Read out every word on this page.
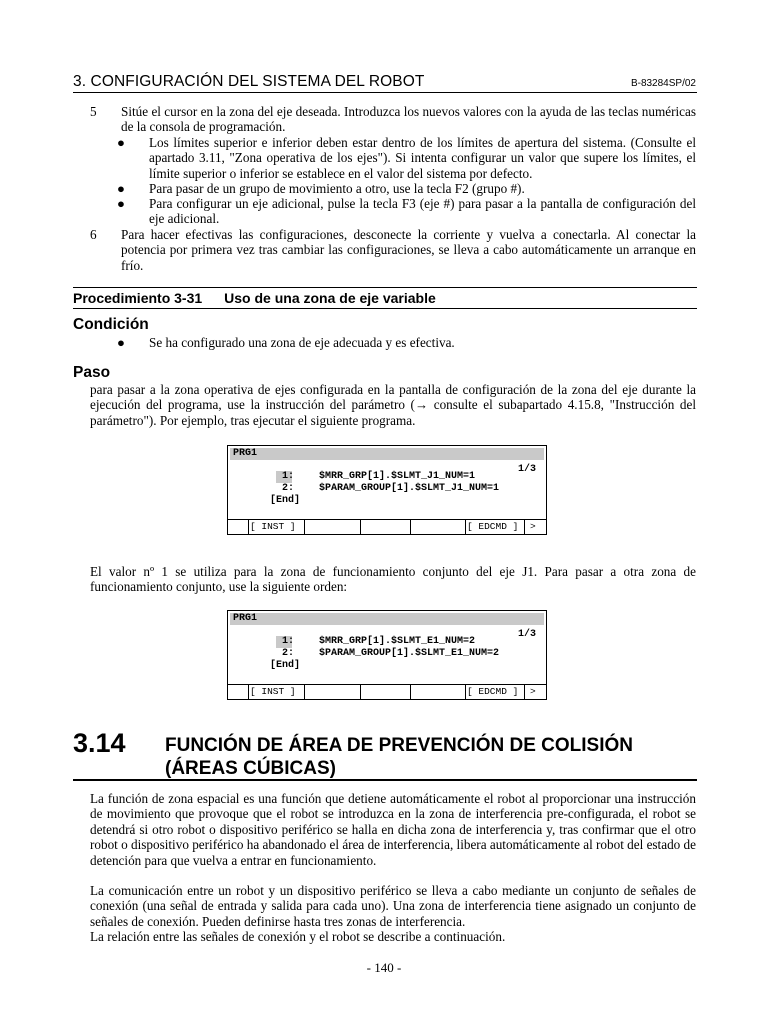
3. CONFIGURACIÓN DEL SISTEMA DEL ROBOT	B-83284SP/02
5 Sitúe el cursor en la zona del eje deseada. Introduzca los nuevos valores con la ayuda de las teclas numéricas de la consola de programación.
● Los límites superior e inferior deben estar dentro de los límites de apertura del sistema. (Consulte el apartado 3.11, "Zona operativa de los ejes"). Si intenta configurar un valor que supere los límites, el límite superior o inferior se establece en el valor del sistema por defecto.
● Para pasar de un grupo de movimiento a otro, use la tecla F2 (grupo #).
● Para configurar un eje adicional, pulse la tecla F3 (eje #) para pasar a la pantalla de configuración del eje adicional.
6 Para hacer efectivas las configuraciones, desconecte la corriente y vuelva a conectarla. Al conectar la potencia por primera vez tras cambiar las configuraciones, se lleva a cabo automáticamente un arranque en frío.
Procedimiento 3-31 Uso de una zona de eje variable
Condición
● Se ha configurado una zona de eje adecuada y es efectiva.
Paso
para pasar a la zona operativa de ejes configurada en la pantalla de configuración de la zona del eje durante la ejecución del programa, use la instrucción del parámetro (→ consulte el subapartado 4.15.8, "Instrucción del parámetro"). Por ejemplo, tras ejecutar el siguiente programa.
PRG1
1/3
1: $MRR_GRP[1].$SLMT_J1_NUM=1
2: $PARAM_GROUP[1].$SLMT_J1_NUM=1
[End]
[ INST ]	[ EDCMD ] >
El valor nº 1 se utiliza para la zona de funcionamiento conjunto del eje J1. Para pasar a otra zona de funcionamiento conjunto, use la siguiente orden:
PRG1
1/3
1: $MRR_GRP[1].$SLMT_E1_NUM=2
2: $PARAM_GROUP[1].$SLMT_E1_NUM=2
[End]
[ INST ]	[ EDCMD ] >
3.14 FUNCIÓN DE ÁREA DE PREVENCIÓN DE COLISIÓN
(ÁREAS CÚBICAS)
La función de zona espacial es una función que detiene automáticamente el robot al proporcionar una instrucción de movimiento que provoque que el robot se introduzca en la zona de interferencia pre-configurada, el robot se detendrá si otro robot o dispositivo periférico se halla en dicha zona de interferencia y, tras confirmar que el otro robot o dispositivo periférico ha abandonado el área de interferencia, libera automáticamente al robot del estado de detención para que vuelva a entrar en funcionamiento.
La comunicación entre un robot y un dispositivo periférico se lleva a cabo mediante un conjunto de señales de conexión (una señal de entrada y salida para cada uno). Una zona de interferencia tiene asignado un conjunto de señales de conexión. Pueden definirse hasta tres zonas de interferencia.
La relación entre las señales de conexión y el robot se describe a continuación.
- 140 -
